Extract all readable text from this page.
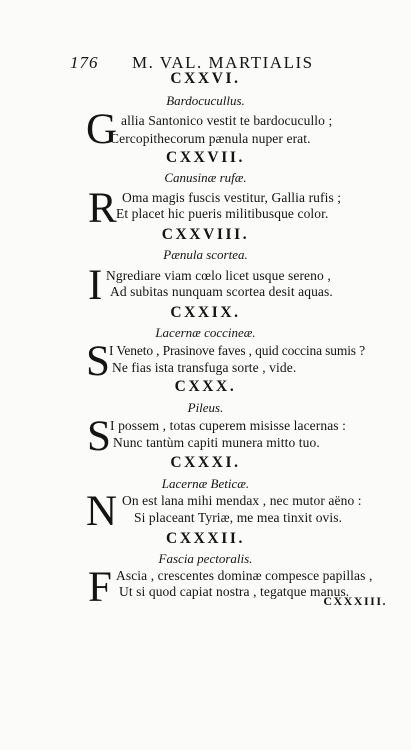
176 M. VAL. MARTIALIS
CXXVI.
Bardocucullus.
G allia Santonico vestit te bardocucullo ;
Cercopithecorum pænula nuper erat.
CXXVII.
Canusinæ rufæ.
R Oma magis fuscis vestitur, Gallia rufis ;
Et placet hic pueris militibusque color.
CXXVIII.
Pænula scortea.
I Ngrediare viam cœlo licet usque sereno ,
Ad subitas nunquam scortea desit aquas.
CXXIX.
Lacernæ coccineæ.
S I Veneto , Prasinove faves , quid coccina sumis ?
Ne fias ista transfuga sorte , vide.
CXXX.
Pileus.
S I possem , totas cuperem misisse lacernas :
Nunc tantùm capiti munera mitto tuo.
CXXXI.
Lacernæ Beticæ.
N On est lana mihi mendax , nec mutor aëno :
Si placeant Tyriæ, me mea tinxit ovis.
CXXXII.
Fascia pectoralis.
F Ascia , crescentes dominæ compesce papillas ,
Ut si quod capiat nostra , tegatque manus.
CXXXIII.
